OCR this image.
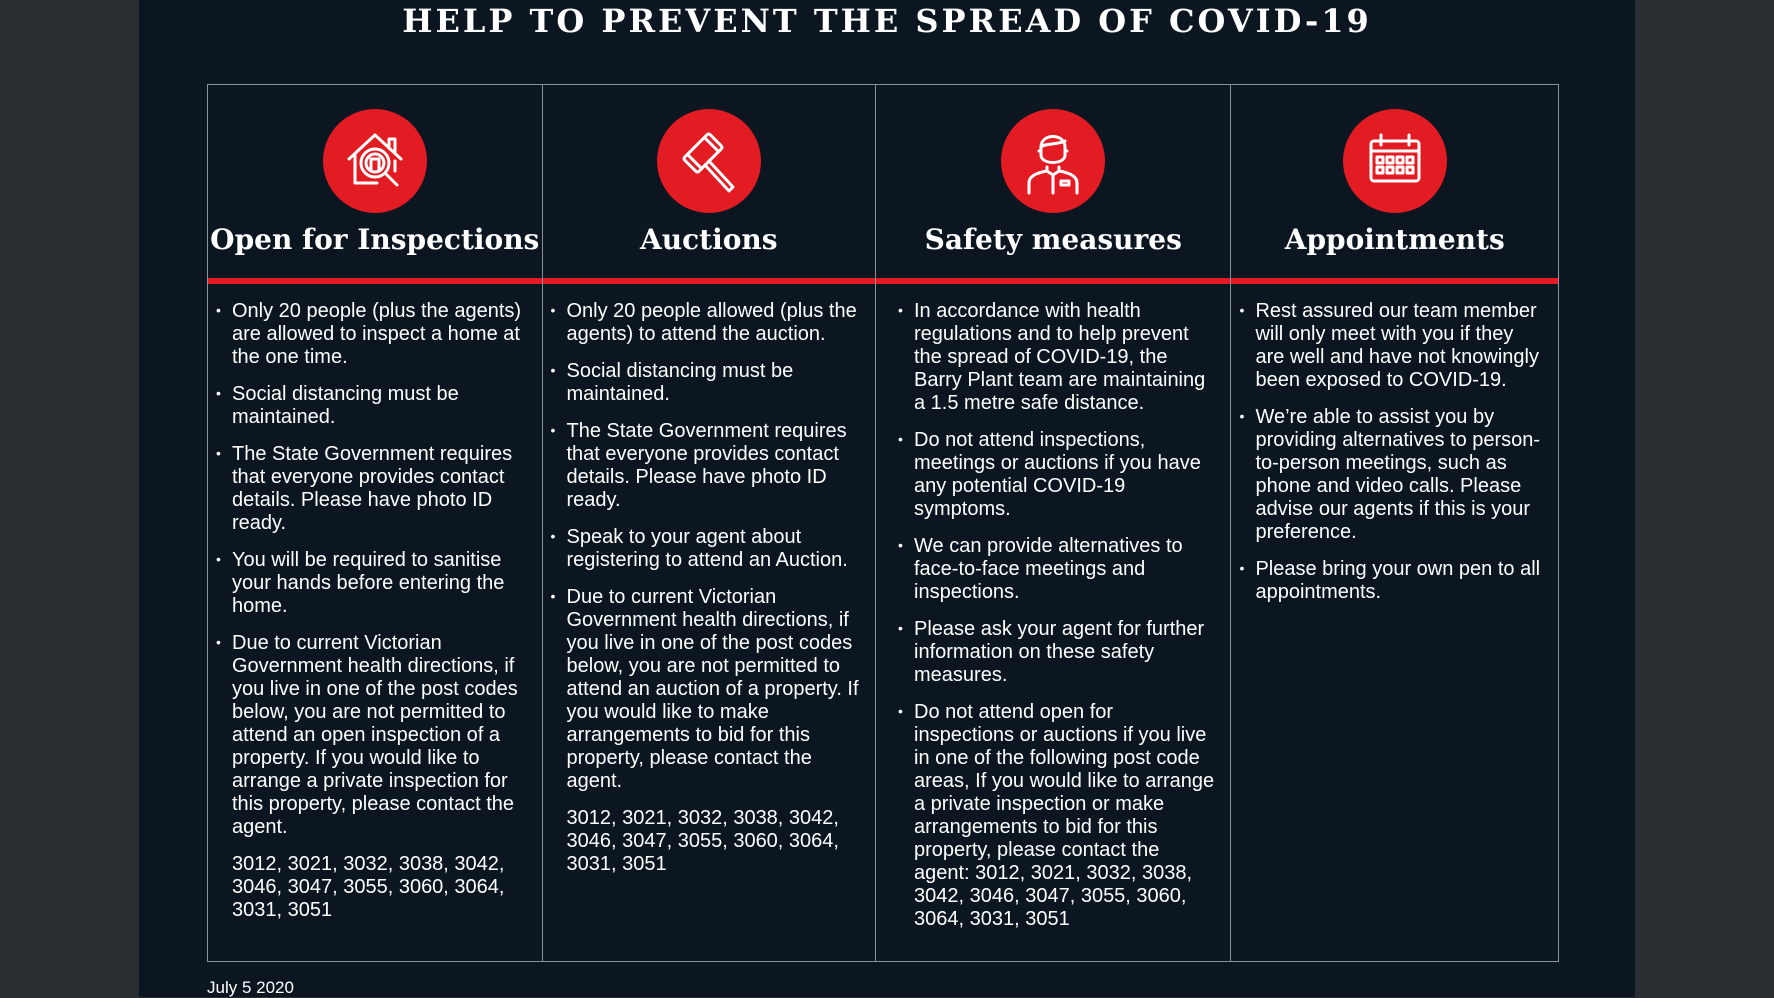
HELP TO PREVENT THE SPREAD OF COVID-19
Open for Inspections
• Only 20 people (plus the agents) are allowed to inspect a home at the one time.
• Social distancing must be maintained.
• The State Government requires that everyone provides contact details. Please have photo ID ready.
• You will be required to sanitise your hands before entering the home.
• Due to current Victorian Government health directions, if you live in one of the post codes below, you are not permitted to attend an open inspection of a property. If you would like to arrange a private inspection for this property, please contact the agent.
3012, 3021, 3032, 3038, 3042, 3046, 3047, 3055, 3060, 3064, 3031, 3051
Auctions
• Only 20 people allowed (plus the agents) to attend the auction.
• Social distancing must be maintained.
• The State Government requires that everyone provides contact details. Please have photo ID ready.
• Speak to your agent about registering to attend an Auction.
• Due to current Victorian Government health directions, if you live in one of the post codes below, you are not permitted to attend an auction of a property. If you would like to make arrangements to bid for this property, please contact the agent.
3012, 3021, 3032, 3038, 3042, 3046, 3047, 3055, 3060, 3064, 3031, 3051
Safety measures
• In accordance with health regulations and to help prevent the spread of COVID-19, the Barry Plant team are maintaining a 1.5 metre safe distance.
• Do not attend inspections, meetings or auctions if you have any potential COVID-19 symptoms.
• We can provide alternatives to face-to-face meetings and inspections.
• Please ask your agent for further information on these safety measures.
• Do not attend open for inspections or auctions if you live in one of the following post code areas, If you would like to arrange a private inspection or make arrangements to bid for this property, please contact the agent: 3012, 3021, 3032, 3038, 3042, 3046, 3047, 3055, 3060, 3064, 3031, 3051
Appointments
• Rest assured our team member will only meet with you if they are well and have not knowingly been exposed to COVID-19.
• We’re able to assist you by providing alternatives to person-to-person meetings, such as phone and video calls. Please advise our agents if this is your preference.
• Please bring your own pen to all appointments.
July 5 2020
